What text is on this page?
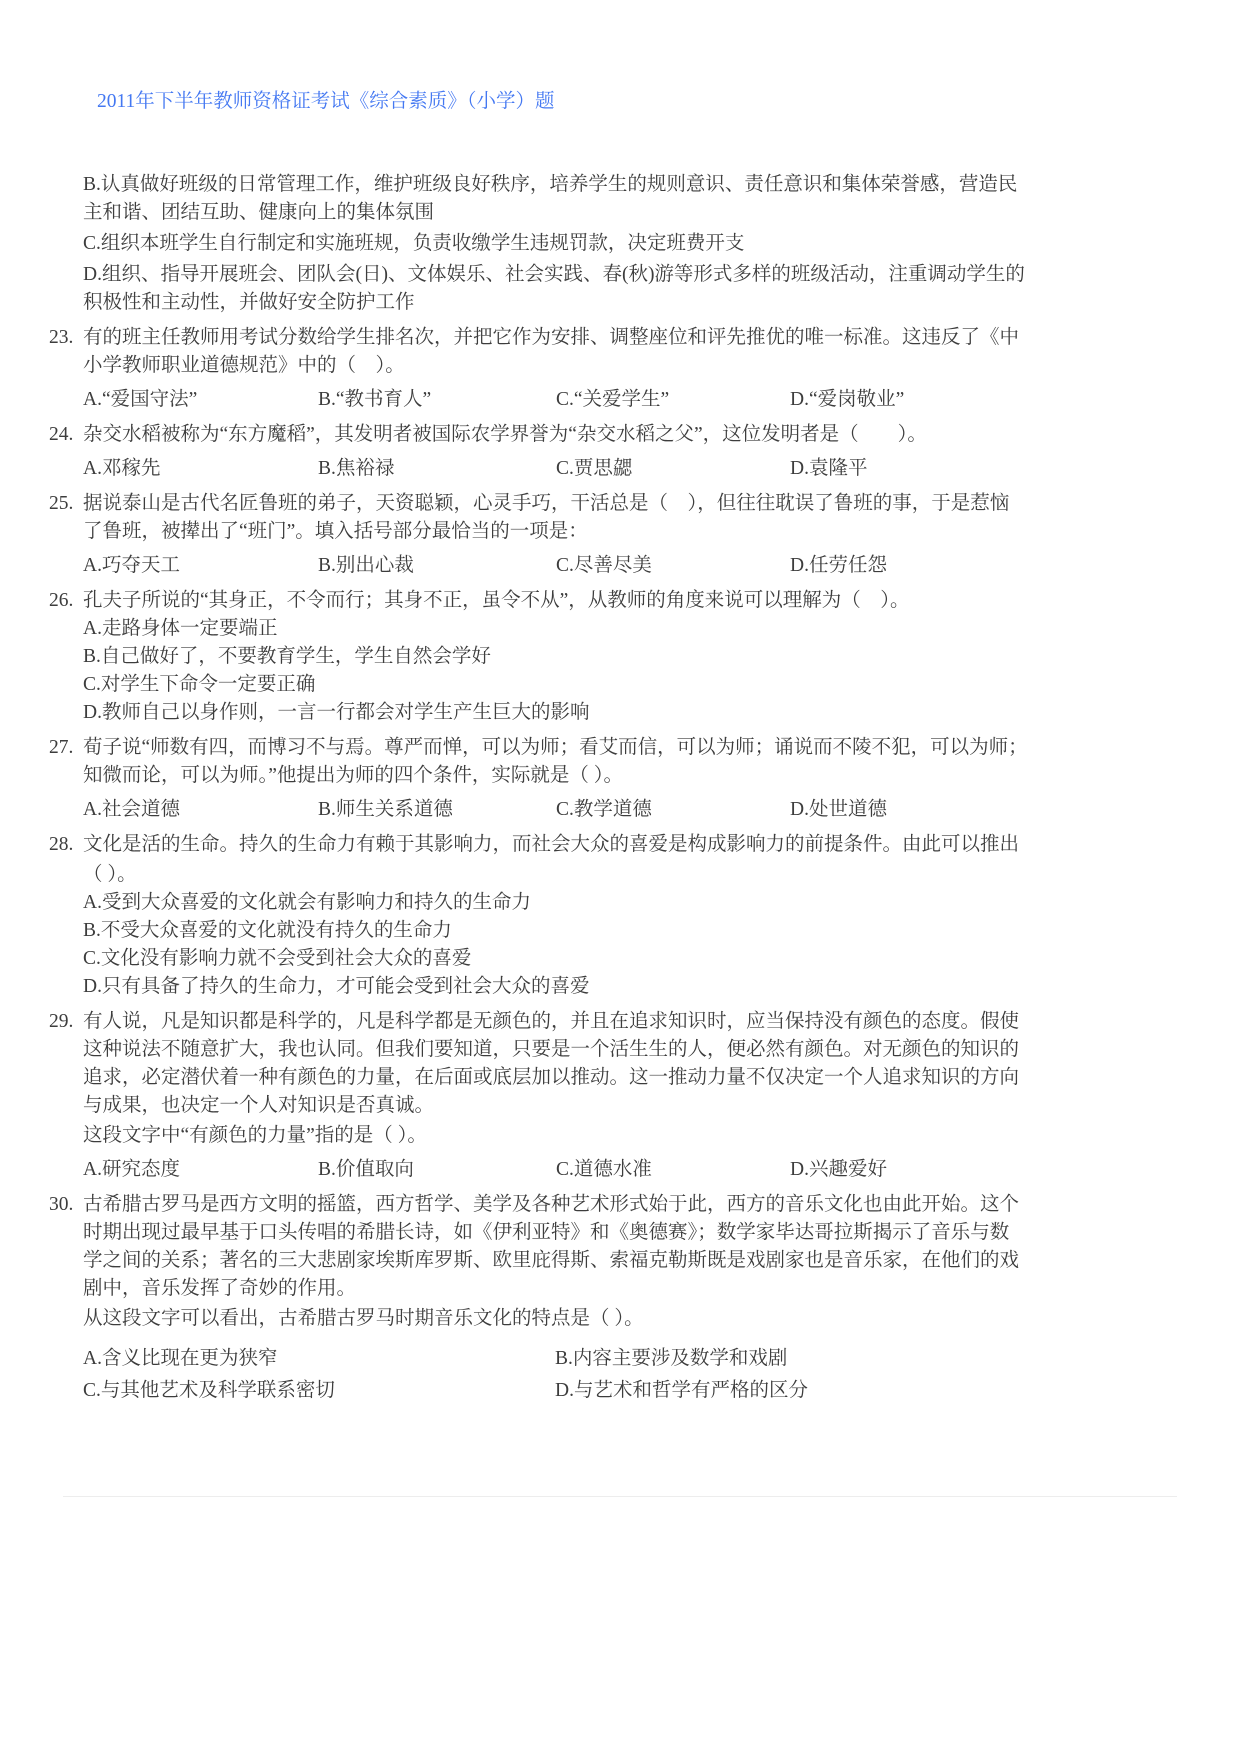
2011年下半年教师资格证考试《综合素质》（小学）题

B.认真做好班级的日常管理工作，维护班级良好秩序，培养学生的规则意识、责任意识和集体荣誉感，营造民主和谐、团结互助、健康向上的集体氛围

C.组织本班学生自行制定和实施班规，负责收缴学生违规罚款，决定班费开支

D.组织、指导开展班会、团队会(日)、文体娱乐、社会实践、春(秋)游等形式多样的班级活动，注重调动学生的积极性和主动性，并做好安全防护工作

23. 有的班主任教师用考试分数给学生排名次，并把它作为安排、调整座位和评先推优的唯一标准。这违反了《中小学教师职业道德规范》中的（　）。

A.“爱国守法”	B.“教书育人”	C.“关爱学生”	D.“爱岗敬业”

24. 杂交水稻被称为“东方魔稻”，其发明者被国际农学界誉为“杂交水稻之父”，这位发明者是（　　）。

A.邓稼先	B.焦裕禄	C.贾思勰	D.袁隆平

25. 据说泰山是古代名匠鲁班的弟子，天资聪颖，心灵手巧，干活总是（　），但往往耽误了鲁班的事，于是惹恼了鲁班，被撵出了“班门”。填入括号部分最恰当的一项是：

A.巧夺天工	B.别出心裁	C.尽善尽美	D.任劳任怨

26. 孔夫子所说的“其身正，不令而行；其身不正，虽令不从”，从教师的角度来说可以理解为（　）。

A.走路身体一定要端正
B.自己做好了，不要教育学生，学生自然会学好
C.对学生下命令一定要正确
D.教师自己以身作则，一言一行都会对学生产生巨大的影响

27. 荀子说“师数有四，而博习不与焉。尊严而惮，可以为师；看艾而信，可以为师；诵说而不陵不犯，可以为师；知微而论，可以为师。”他提出为师的四个条件，实际就是（ ）。

A.社会道德	B.师生关系道德	C.教学道德	D.处世道德

28. 文化是活的生命。持久的生命力有赖于其影响力，而社会大众的喜爱是构成影响力的前提条件。由此可以推出

（ ）。

A.受到大众喜爱的文化就会有影响力和持久的生命力
B.不受大众喜爱的文化就没有持久的生命力
C.文化没有影响力就不会受到社会大众的喜爱
D.只有具备了持久的生命力，才可能会受到社会大众的喜爱

29. 有人说，凡是知识都是科学的，凡是科学都是无颜色的，并且在追求知识时，应当保持没有颜色的态度。假使这种说法不随意扩大，我也认同。但我们要知道，只要是一个活生生的人，便必然有颜色。对无颜色的知识的追求，必定潜伏着一种有颜色的力量，在后面或底层加以推动。这一推动力量不仅决定一个人追求知识的方向与成果，也决定一个人对知识是否真诚。

这段文字中“有颜色的力量”指的是（ ）。

A.研究态度	B.价值取向	C.道德水准	D.兴趣爱好

30. 古希腊古罗马是西方文明的摇篮，西方哲学、美学及各种艺术形式始于此，西方的音乐文化也由此开始。这个时期出现过最早基于口头传唱的希腊长诗，如《伊利亚特》和《奥德赛》；数学家毕达哥拉斯揭示了音乐与数学之间的关系；著名的三大悲剧家埃斯库罗斯、欧里庇得斯、索福克勒斯既是戏剧家也是音乐家，在他们的戏剧中，音乐发挥了奇妙的作用。

从这段文字可以看出，古希腊古罗马时期音乐文化的特点是（ ）。

A.含义比现在更为狭窄	B.内容主要涉及数学和戏剧
C.与其他艺术及科学联系密切	D.与艺术和哲学有严格的区分
